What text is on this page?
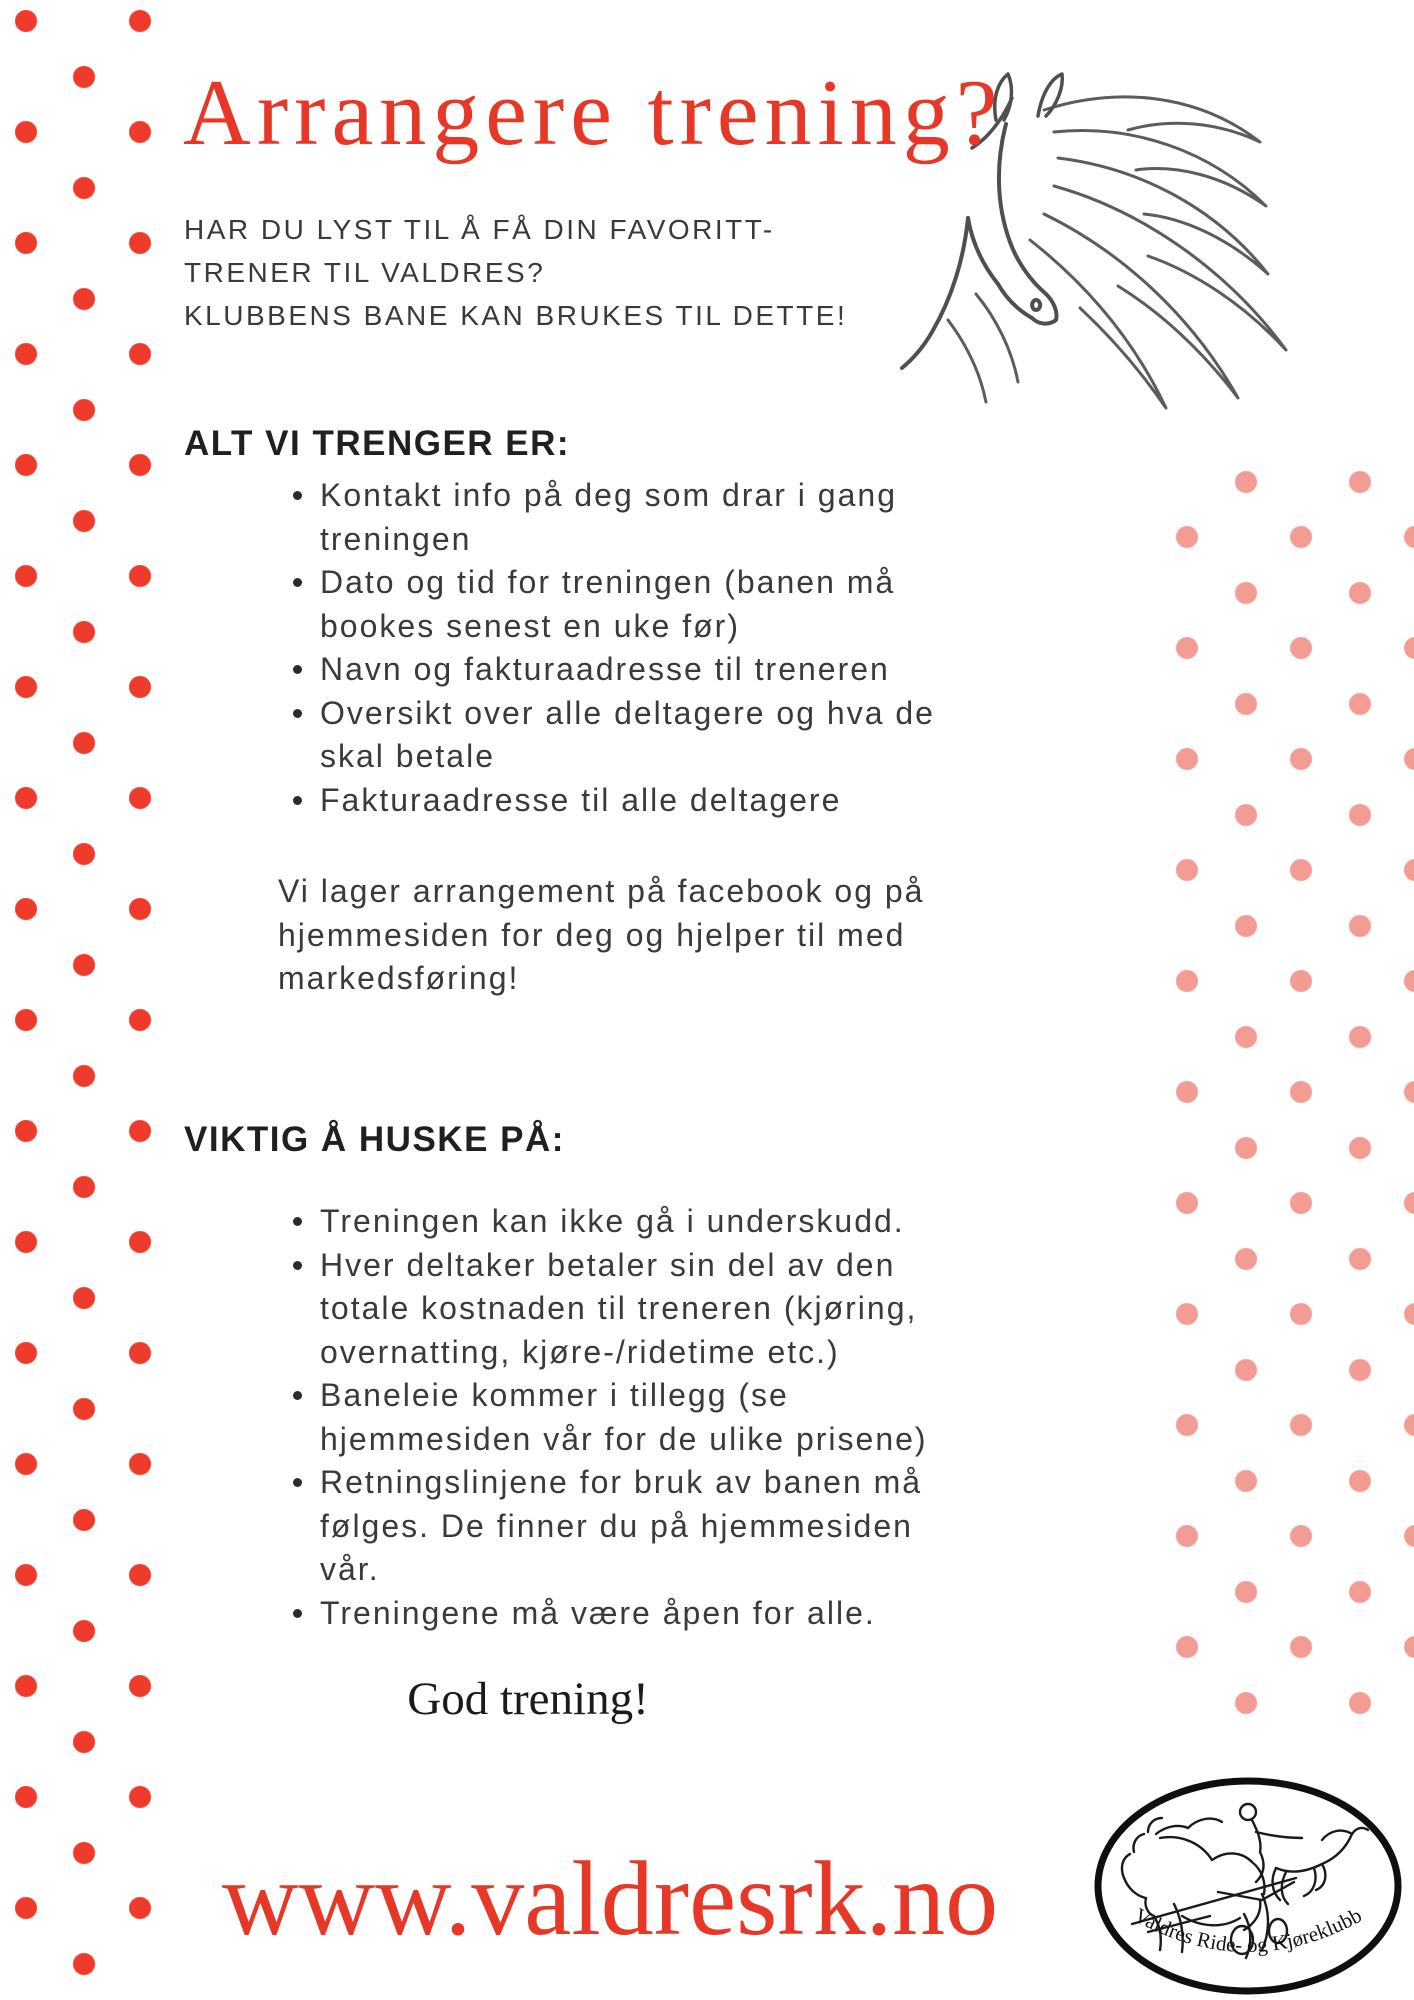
Arrangere trening?
HAR DU LYST TIL Å FÅ DIN FAVORITT-
TRENER TIL VALDRES?
KLUBBENS BANE KAN BRUKES TIL DETTE!
ALT VI TRENGER ER:
Kontakt info på deg som drar i gang treningen
Dato og tid for treningen (banen må bookes senest en uke før)
Navn og fakturaadresse til treneren
Oversikt over alle deltagere og hva de skal betale
Fakturaadresse til alle deltagere
Vi lager arrangement på facebook og på hjemmesiden for deg og hjelper til med markedsføring!
VIKTIG Å HUSKE PÅ:
Treningen kan ikke gå i underskudd.
Hver deltaker betaler sin del av den totale kostnaden til treneren (kjøring, overnatting, kjøre-/ridetime etc.)
Baneleie kommer i tillegg (se hjemmesiden vår for de ulike prisene)
Retningslinjene for bruk av banen må følges. De finner du på hjemmesiden vår.
Treningene må være åpen for alle.
God trening!
www.valdresrk.no	Valdres Ride- og Kjøreklubb
